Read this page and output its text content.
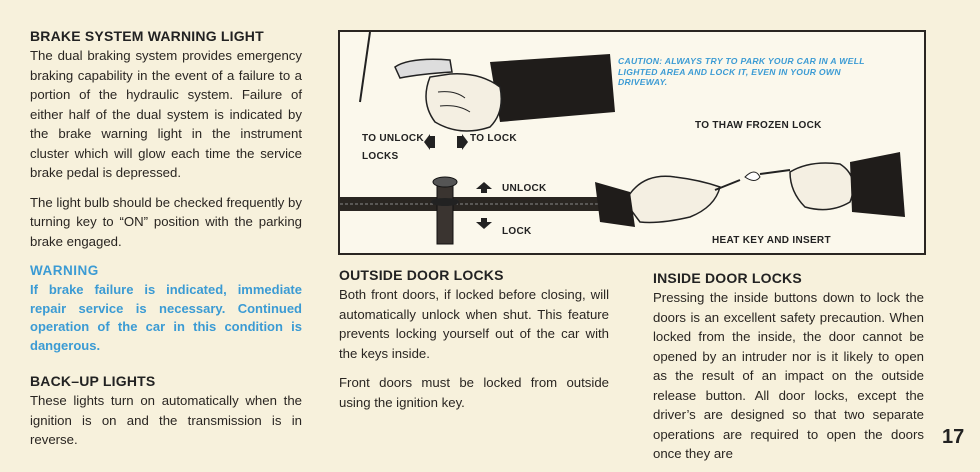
BRAKE SYSTEM WARNING LIGHT

The dual braking system provides emergency braking capability in the event of a failure to a portion of the hydraulic system. Failure of either half of the dual system is indicated by the brake warning light in the instrument cluster which will glow each time the service brake pedal is depressed.

The light bulb should be checked frequently by turning key to “ON” position with the parking brake engaged.

WARNING

If brake failure is indicated, immediate repair service is necessary. Continued operation of the car in this condition is dangerous.

BACK–UP LIGHTS

These lights turn on automatically when the ignition is on and the transmission is in reverse.

TO UNLOCK
LOCKS
TO LOCK
UNLOCK
LOCK
CAUTION: ALWAYS TRY TO PARK YOUR CAR IN A WELL LIGHTED AREA AND LOCK IT, EVEN IN YOUR OWN DRIVEWAY.
TO THAW FROZEN LOCK
HEAT KEY AND INSERT
OUTSIDE DOOR LOCKS

Both front doors, if locked before closing, will automatically unlock when shut. This feature prevents locking yourself out of the car with the keys inside.

Front doors must be locked from outside using the ignition key.

INSIDE DOOR LOCKS

Pressing the inside buttons down to lock the doors is an excellent safety precaution. When locked from the inside, the door cannot be opened by an intruder nor is it likely to open as the result of an impact on the outside release button. All door locks, except the driver’s are designed so that two separate operations are required to open the doors once they are

17
